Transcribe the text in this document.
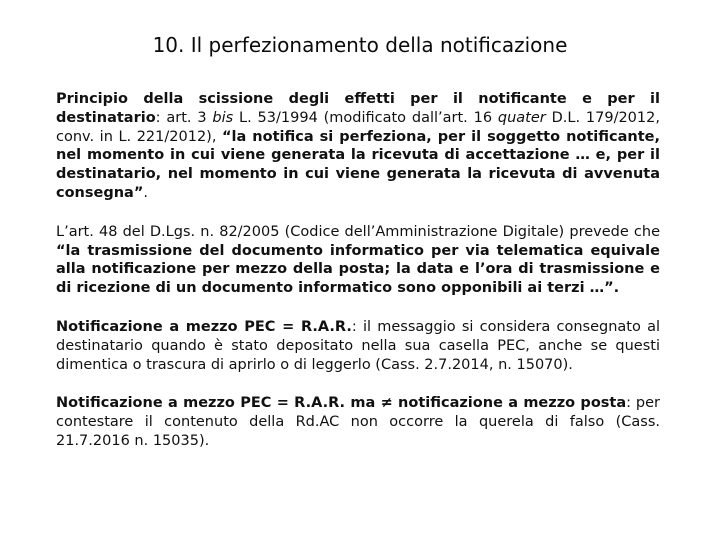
10. Il perfezionamento della notificazione

Principio della scissione degli effetti per il notificante e per il destinatario: art. 3 bis L. 53/1994 (modificato dall’art. 16 quater D.L. 179/2012, conv. in L. 221/2012), “la notifica si perfeziona, per il soggetto notificante, nel momento in cui viene generata la ricevuta di accettazione … e, per il destinatario, nel momento in cui viene generata la ricevuta di avvenuta consegna”.

L’art. 48 del D.Lgs. n. 82/2005 (Codice dell’Amministrazione Digitale) prevede che “la trasmissione del documento informatico per via telematica equivale alla notificazione per mezzo della posta; la data e l’ora di trasmissione e di ricezione di un documento informatico sono opponibili ai terzi …”.

Notificazione a mezzo PEC = R.A.R.: il messaggio si considera consegnato al destinatario quando è stato depositato nella sua casella PEC, anche se questi dimentica o trascura di aprirlo o di leggerlo (Cass. 2.7.2014, n. 15070).

Notificazione a mezzo PEC = R.A.R. ma ≠ notificazione a mezzo posta: per contestare il contenuto della Rd.AC non occorre la querela di falso (Cass. 21.7.2016 n. 15035).
